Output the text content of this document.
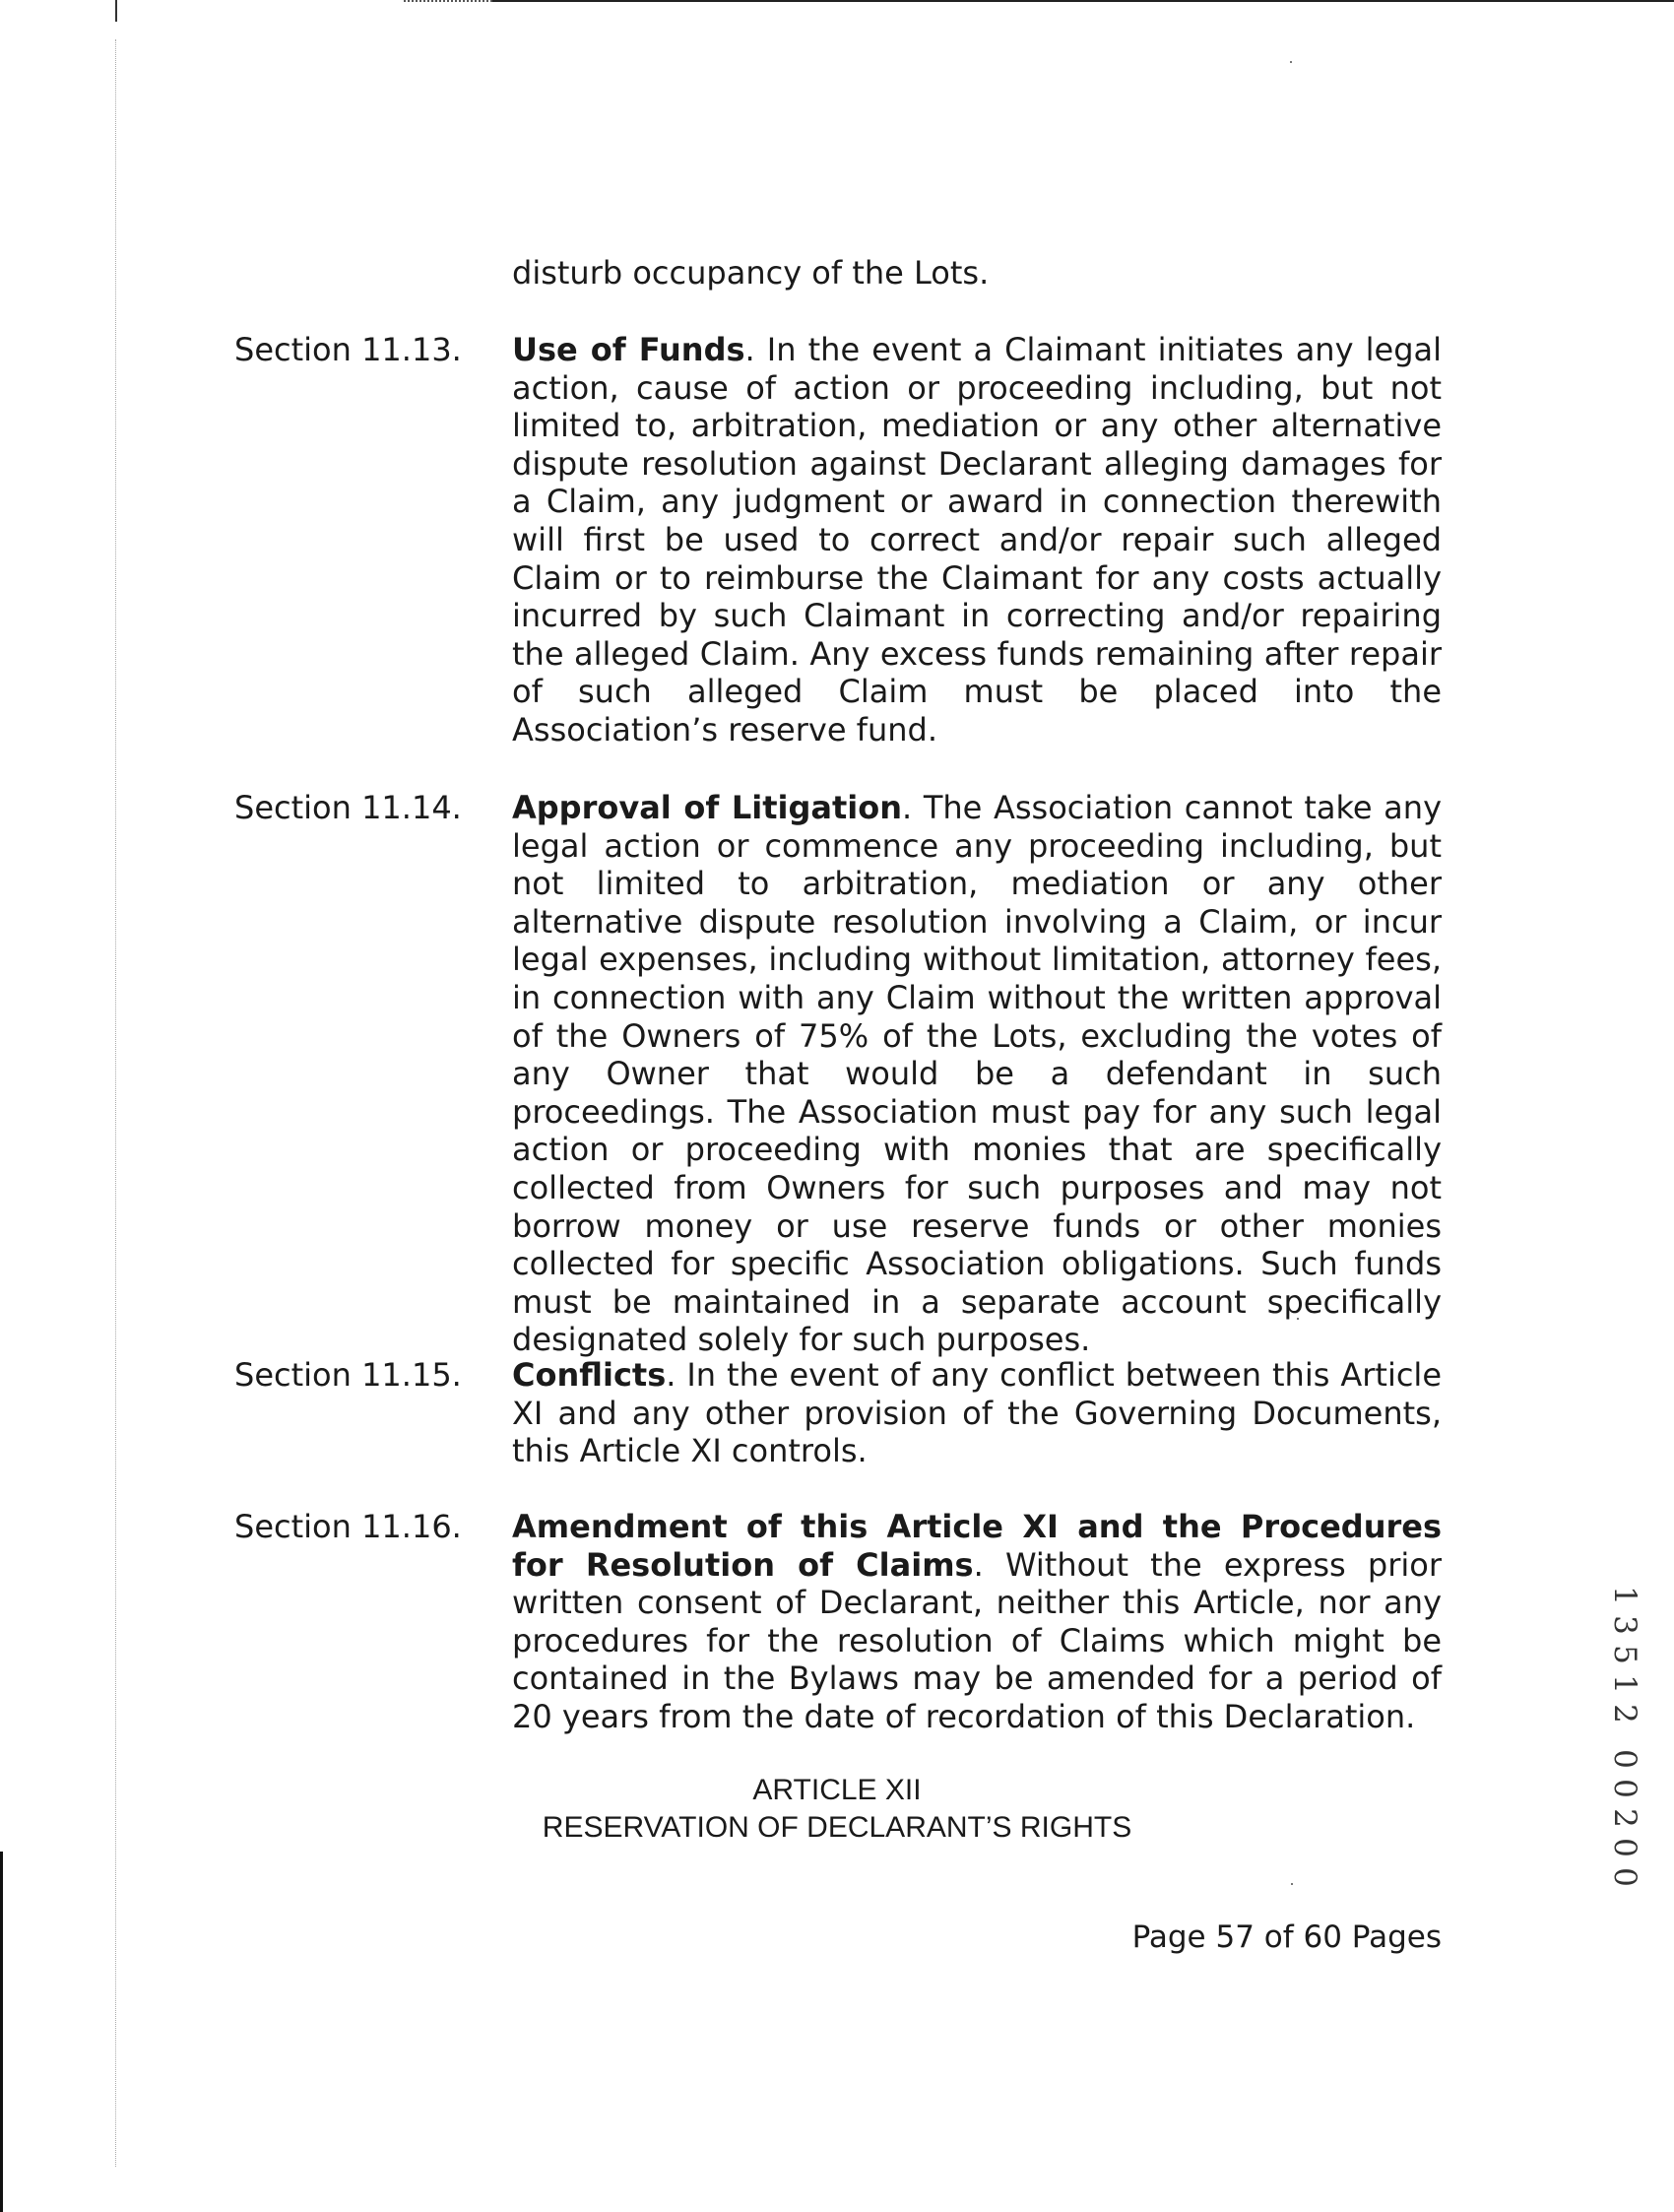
disturb occupancy of the Lots.
Section 11.13. Use of Funds. In the event a Claimant initiates any legal action, cause of action or proceeding including, but not limited to, arbitration, mediation or any other alternative dispute resolution against Declarant alleging damages for a Claim, any judgment or award in connection therewith will first be used to correct and/or repair such alleged Claim or to reimburse the Claimant for any costs actually incurred by such Claimant in correcting and/or repairing the alleged Claim. Any excess funds remaining after repair of such alleged Claim must be placed into the Association’s reserve fund.
Section 11.14. Approval of Litigation. The Association cannot take any legal action or commence any proceeding including, but not limited to arbitration, mediation or any other alternative dispute resolution involving a Claim, or incur legal expenses, including without limitation, attorney fees, in connection with any Claim without the written approval of the Owners of 75% of the Lots, excluding the votes of any Owner that would be a defendant in such proceedings. The Association must pay for any such legal action or proceeding with monies that are specifically collected from Owners for such purposes and may not borrow money or use reserve funds or other monies collected for specific Association obligations. Such funds must be maintained in a separate account specifically designated solely for such purposes.
Section 11.15. Conflicts. In the event of any conflict between this Article XI and any other provision of the Governing Documents, this Article XI controls.
Section 11.16. Amendment of this Article XI and the Procedures for Resolution of Claims. Without the express prior written consent of Declarant, neither this Article, nor any procedures for the resolution of Claims which might be contained in the Bylaws may be amended for a period of 20 years from the date of recordation of this Declaration.
ARTICLE XII
RESERVATION OF DECLARANT’S RIGHTS
Page 57 of 60 Pages
1
3
5
1
2
0
0
2
0
0
